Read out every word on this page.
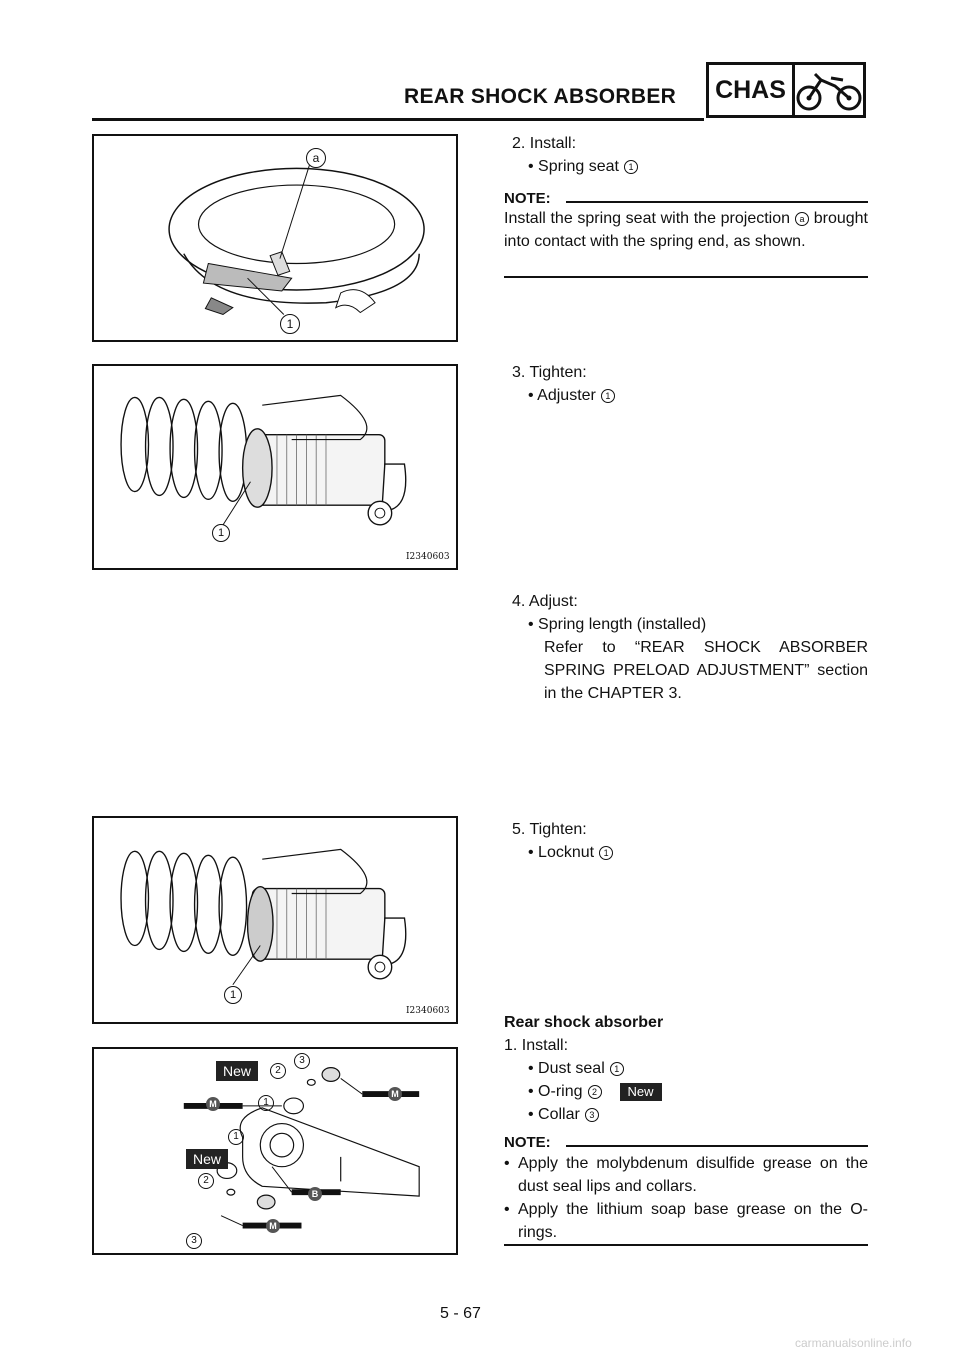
REAR SHOCK ABSORBER CHAS
a
1
1
I2340603
1
I2340603
New
New
2
3
1
1
2
3
M
M
M
B
2. Install:
• Spring seat 1
NOTE:
Install the spring seat with the projection a brought into contact with the spring end, as shown.
3. Tighten:
• Adjuster 1
4. Adjust:
• Spring length (installed)
Refer to “REAR SHOCK ABSORBER SPRING PRELOAD ADJUSTMENT” section in the CHAPTER 3.
5. Tighten:
• Locknut 1
Rear shock absorber
1. Install:
• Dust seal 1
• O-ring 2 New
• Collar 3
NOTE:
• Apply the molybdenum disulfide grease on the dust seal lips and collars.
• Apply the lithium soap base grease on the O-rings.
5 - 67
carmanualsonline.info
